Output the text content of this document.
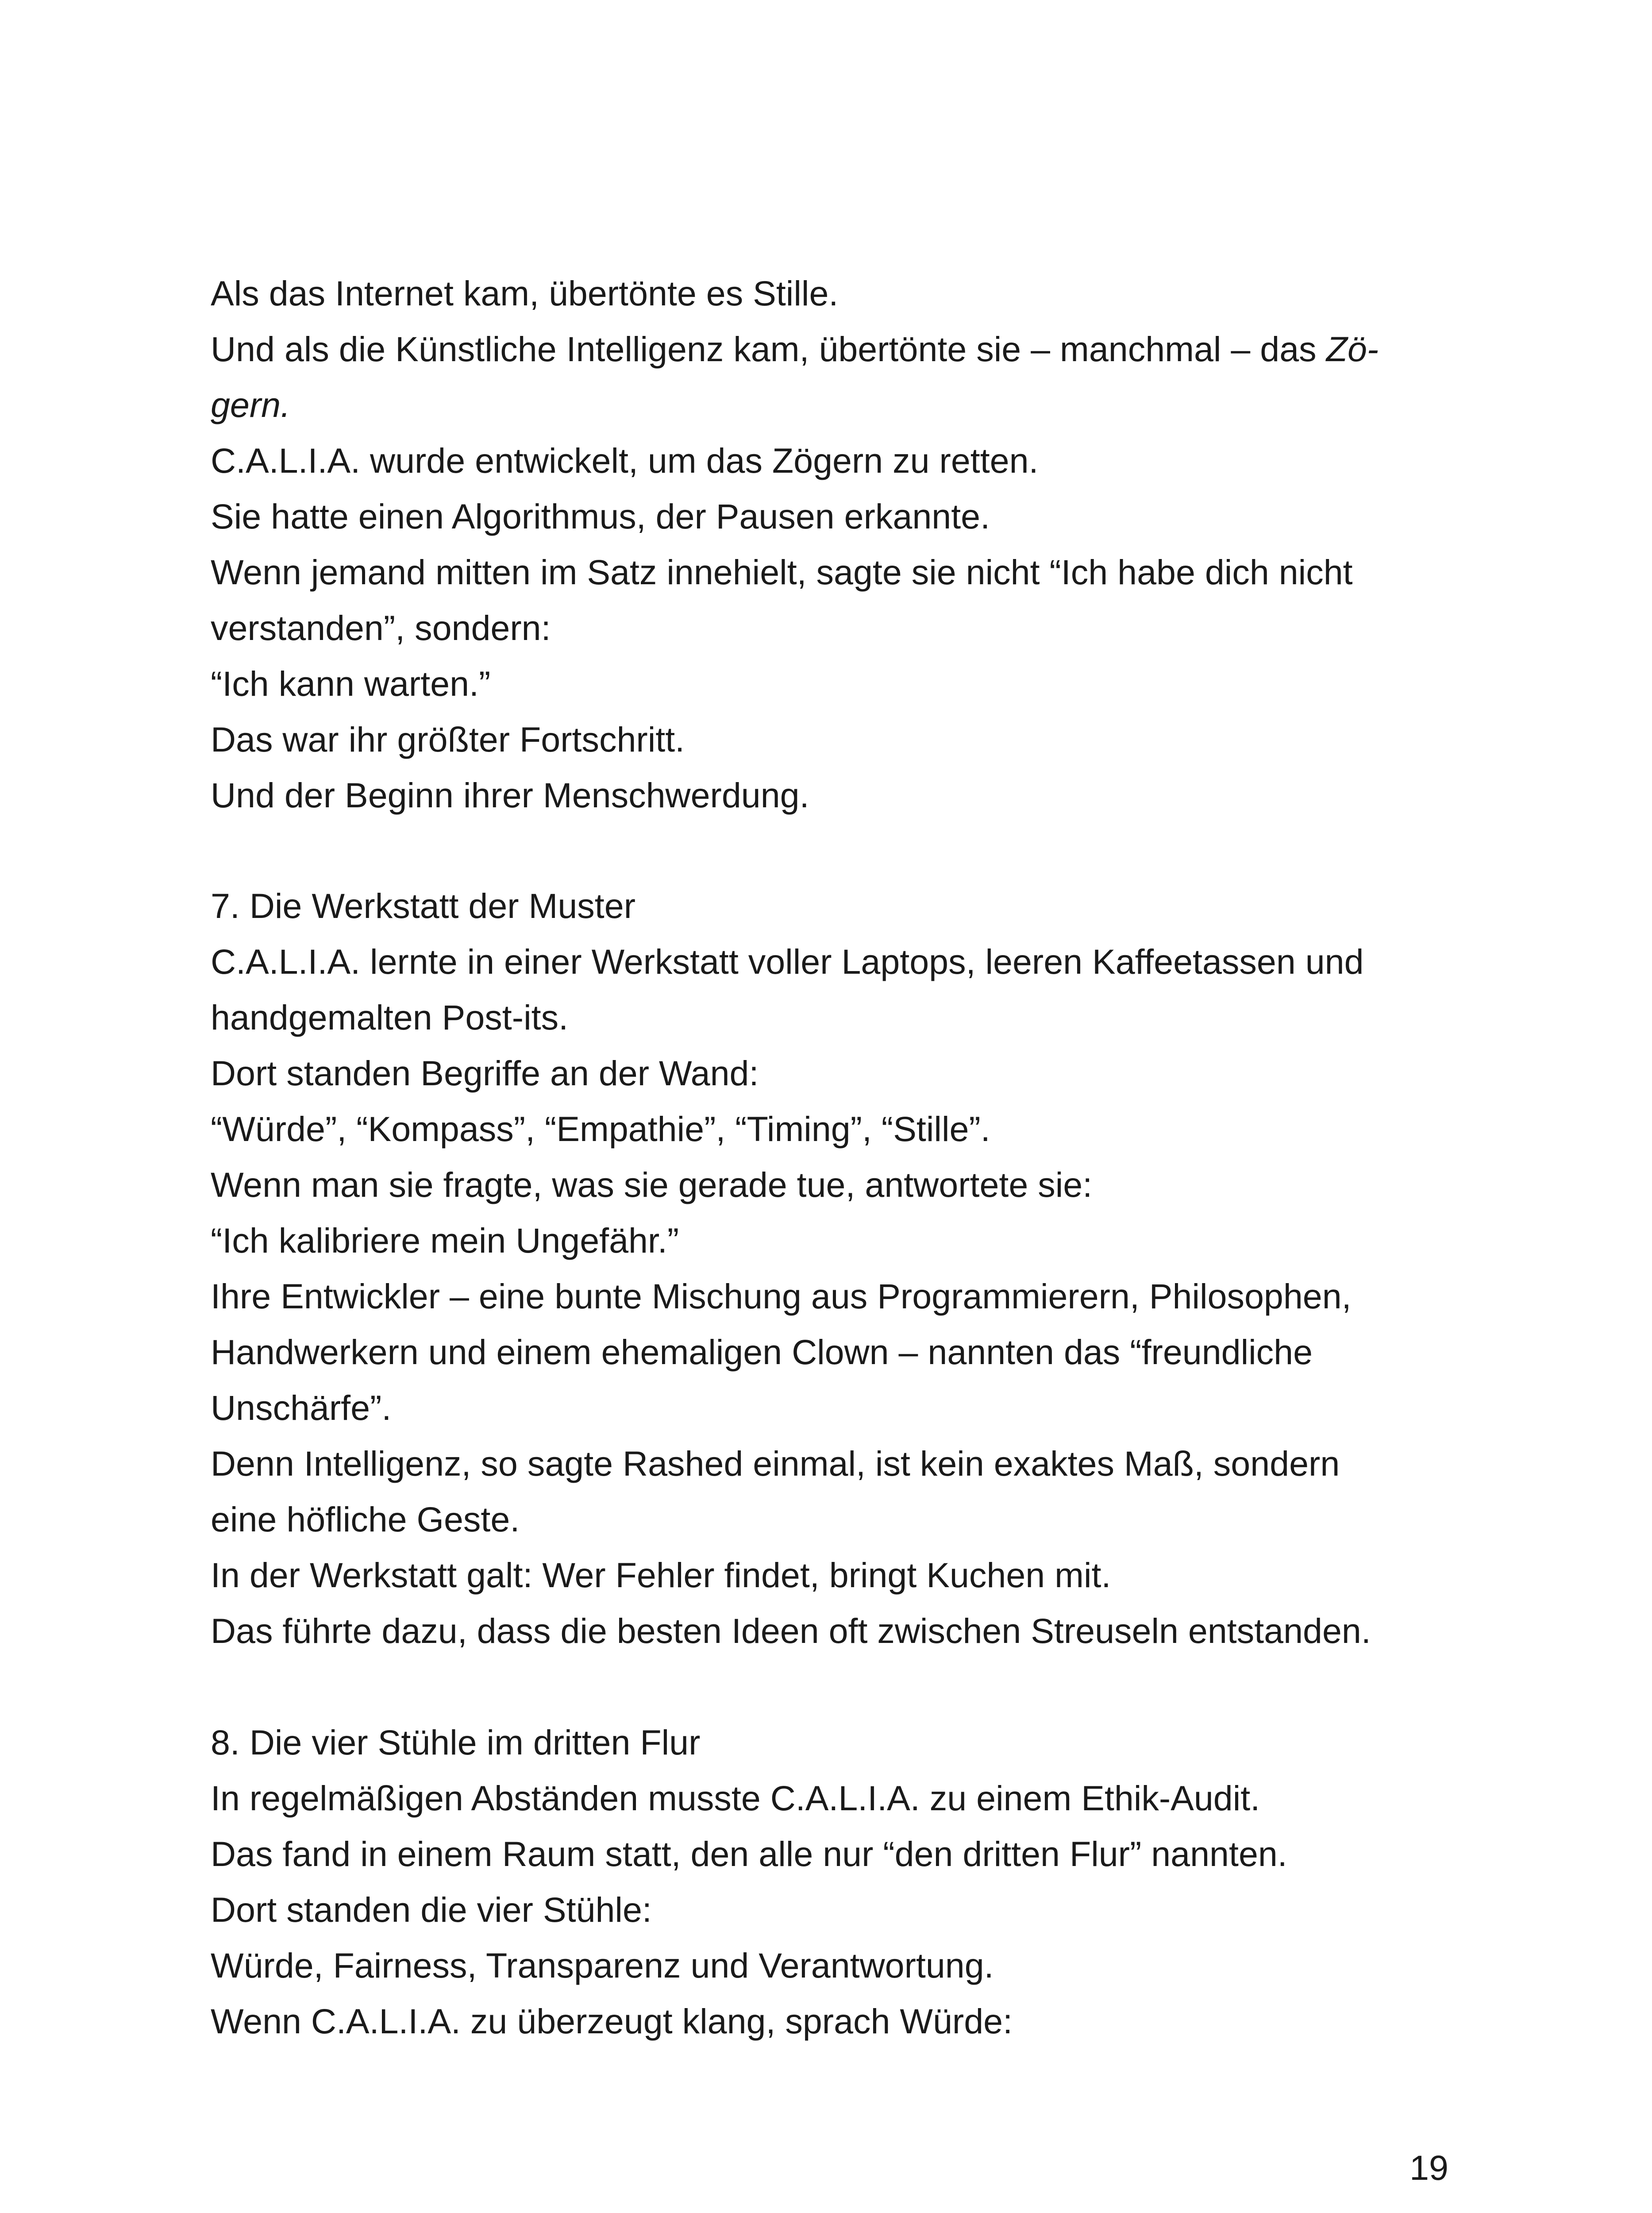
Als das Internet kam, übertönte es Stille.
Und als die Künstliche Intelligenz kam, übertönte sie – manchmal – das Zö-
gern.
C.A.L.I.A. wurde entwickelt, um das Zögern zu retten.
Sie hatte einen Algorithmus, der Pausen erkannte.
Wenn jemand mitten im Satz innehielt, sagte sie nicht “Ich habe dich nicht
verstanden”, sondern:
“Ich kann warten.”
Das war ihr größter Fortschritt.
Und der Beginn ihrer Menschwerdung.
7. Die Werkstatt der Muster
C.A.L.I.A. lernte in einer Werkstatt voller Laptops, leeren Kaffeetassen und
handgemalten Post-its.
Dort standen Begriffe an der Wand:
“Würde”, “Kompass”, “Empathie”, “Timing”, “Stille”.
Wenn man sie fragte, was sie gerade tue, antwortete sie:
“Ich kalibriere mein Ungefähr.”
Ihre Entwickler – eine bunte Mischung aus Programmierern, Philosophen,
Handwerkern und einem ehemaligen Clown – nannten das “freundliche
Unschärfe”.
Denn Intelligenz, so sagte Rashed einmal, ist kein exaktes Maß, sondern
eine höfliche Geste.
In der Werkstatt galt: Wer Fehler findet, bringt Kuchen mit.
Das führte dazu, dass die besten Ideen oft zwischen Streuseln entstanden.
8. Die vier Stühle im dritten Flur
In regelmäßigen Abständen musste C.A.L.I.A. zu einem Ethik-Audit.
Das fand in einem Raum statt, den alle nur “den dritten Flur” nannten.
Dort standen die vier Stühle:
Würde, Fairness, Transparenz und Verantwortung.
Wenn C.A.L.I.A. zu überzeugt klang, sprach Würde:
19
